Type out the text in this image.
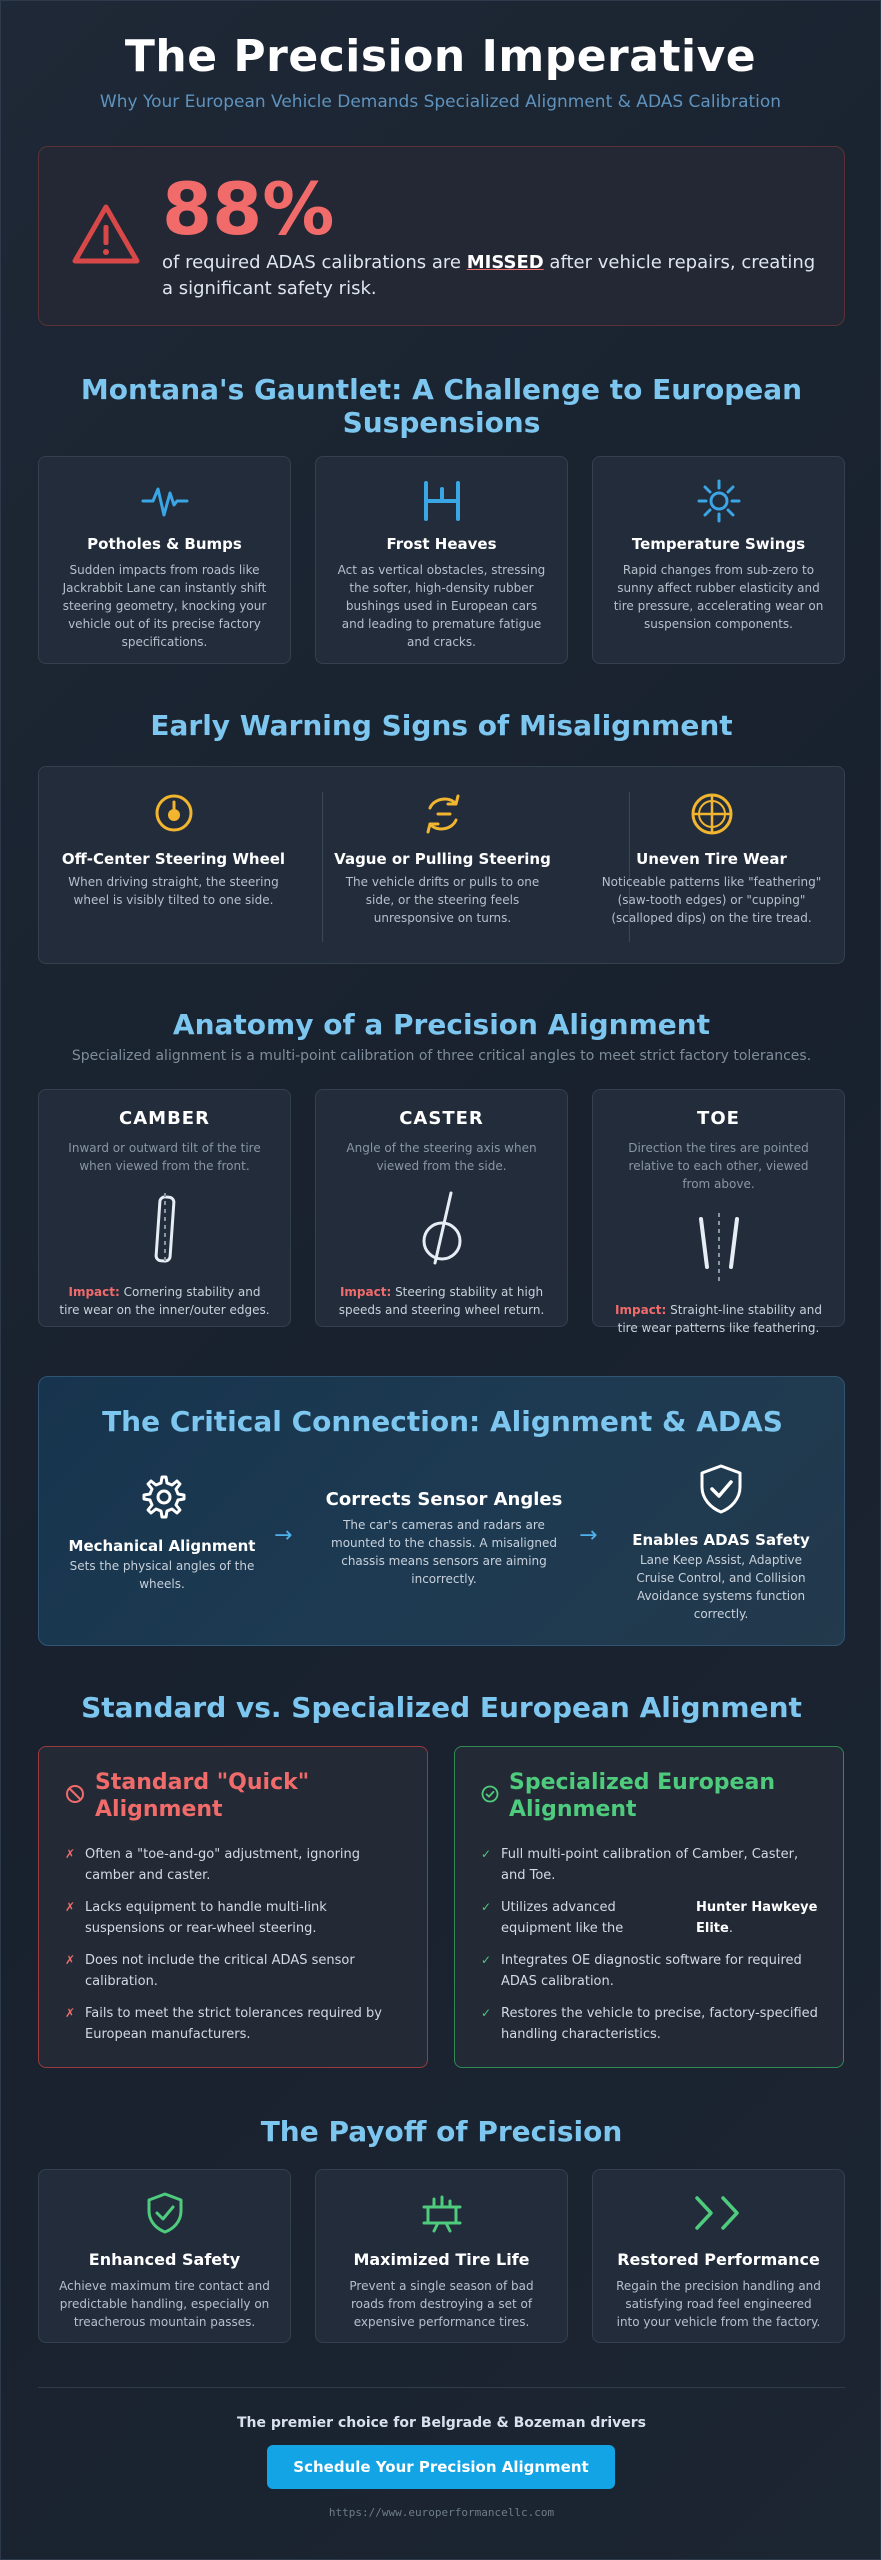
The Precision Imperative
Why Your European Vehicle Demands Specialized Alignment & ADAS Calibration
88%
of required ADAS calibrations are MISSED after vehicle repairs, creating a significant safety risk.
Montana's Gauntlet: A Challenge to European Suspensions
Potholes & Bumps

Sudden impacts from roads like Jackrabbit Lane can instantly shift steering geometry, knocking your vehicle out of its precise factory specifications.

Frost Heaves

Act as vertical obstacles, stressing the softer, high-density rubber bushings used in European cars and leading to premature fatigue and cracks.

Temperature Swings

Rapid changes from sub-zero to sunny affect rubber elasticity and tire pressure, accelerating wear on suspension components.

Early Warning Signs of Misalignment
Off-Center Steering Wheel

When driving straight, the steering wheel is visibly tilted to one side.

Vague or Pulling Steering

The vehicle drifts or pulls to one side, or the steering feels unresponsive on turns.

Uneven Tire Wear

Noticeable patterns like "feathering" (saw-tooth edges) or "cupping" (scalloped dips) on the tire tread.

Anatomy of a Precision Alignment
Specialized alignment is a multi-point calibration of three critical angles to meet strict factory tolerances.
CAMBER

Inward or outward tilt of the tire when viewed from the front.

Impact: Cornering stability and tire wear on the inner/outer edges.

CASTER

Angle of the steering axis when viewed from the side.

Impact: Steering stability at high speeds and steering wheel return.

TOE

Direction the tires are pointed relative to each other, viewed from above.

Impact: Straight-line stability and tire wear patterns like feathering.

The Critical Connection: Alignment & ADAS
Mechanical Alignment

Sets the physical angles of the wheels.

→
Corrects Sensor Angles

The car's cameras and radars are mounted to the chassis. A misaligned chassis means sensors are aiming incorrectly.

→	Enables ADAS Safety

Lane Keep Assist, Adaptive Cruise Control, and Collision Avoidance systems function correctly.

Standard vs. Specialized European Alignment
Standard "Quick" Alignment
✗ Often a "toe-and-go" adjustment, ignoring camber and caster.
✗ Lacks equipment to handle multi-link suspensions or rear-wheel steering.
✗ Does not include the critical ADAS sensor calibration.
✗ Fails to meet the strict tolerances required by European manufacturers.
Specialized European Alignment
✓ Full multi-point calibration of Camber, Caster, and Toe.
✓ Utilizes advanced equipment like the
Hunter Hawkeye Elite.
✓ Integrates OE diagnostic software for required ADAS calibration.
✓ Restores the vehicle to precise, factory-specified handling characteristics.
The Payoff of Precision
Enhanced Safety

Achieve maximum tire contact and predictable handling, especially on treacherous mountain passes.

Maximized Tire Life

Prevent a single season of bad roads from destroying a set of expensive performance tires.

Restored Performance

Regain the precision handling and satisfying road feel engineered into your vehicle from the factory.

The premier choice for Belgrade & Bozeman drivers
Schedule Your Precision Alignment
https://www.europerformancellc.com
